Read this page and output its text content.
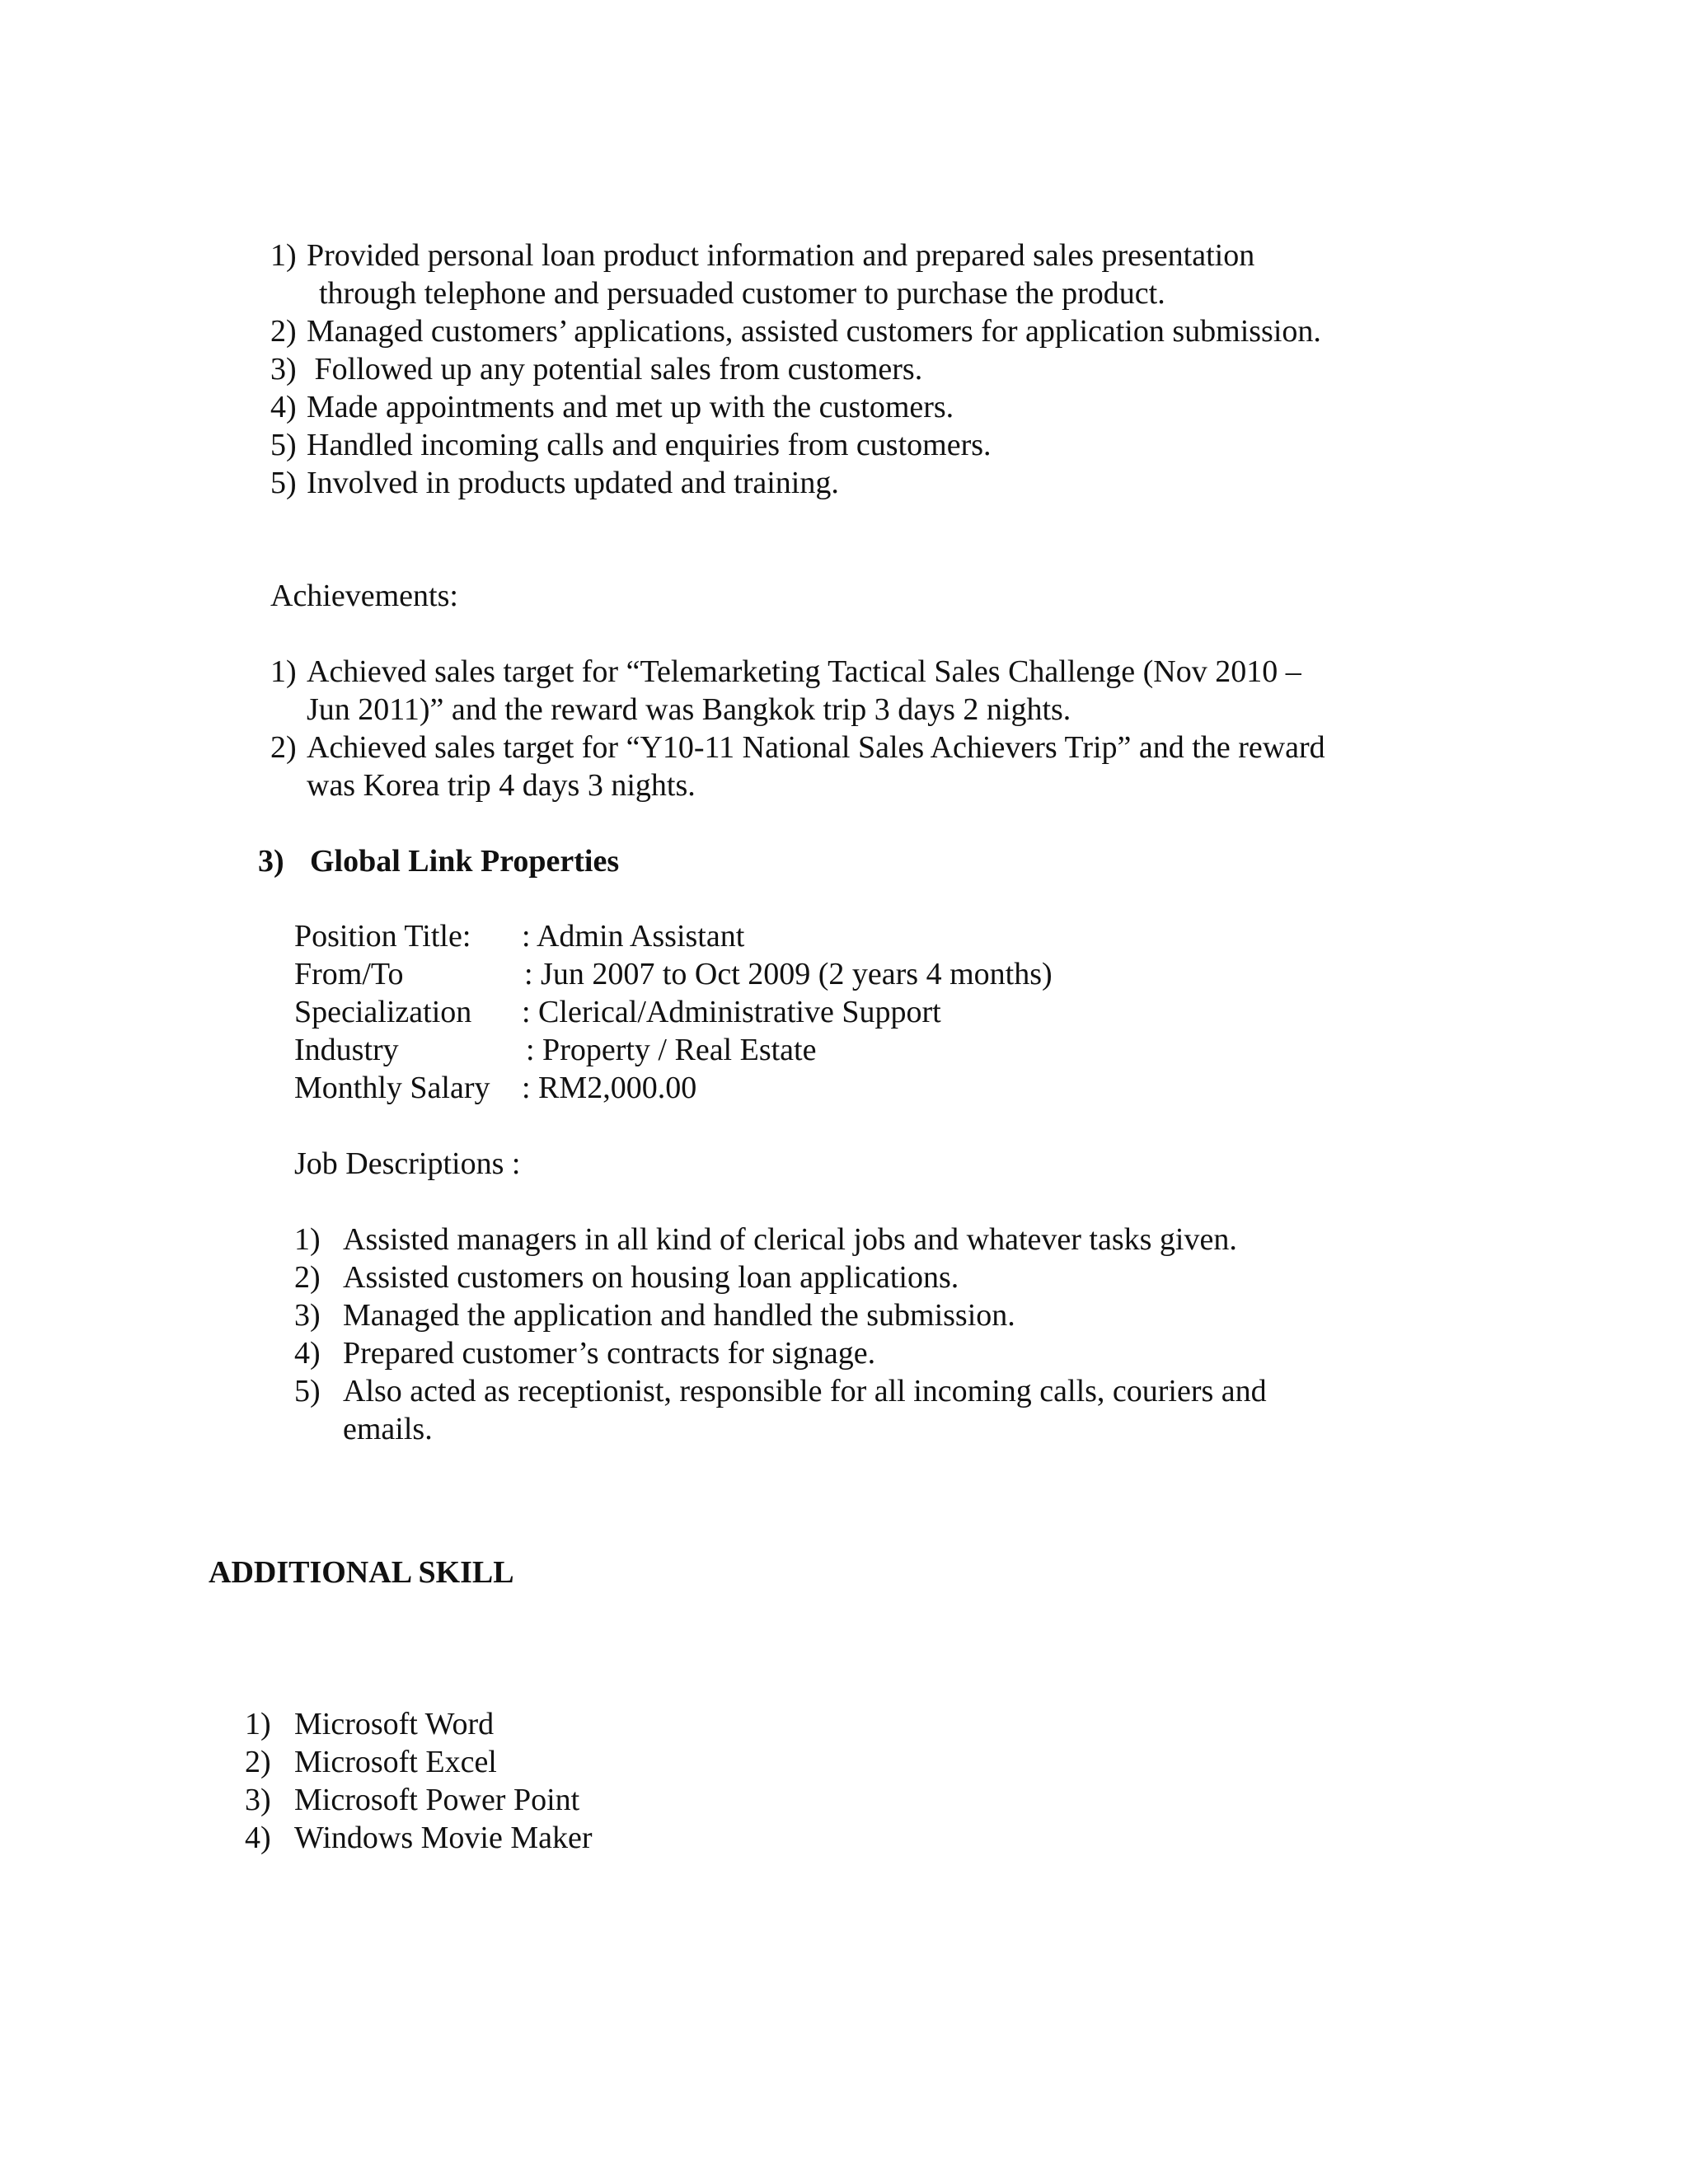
1) Provided personal loan product information and prepared sales presentation
through telephone and persuaded customer to purchase the product.
2) Managed customers’ applications, assisted customers for application submission.
3) Followed up any potential sales from customers.
4) Made appointments and met up with the customers.
5) Handled incoming calls and enquiries from customers.
5) Involved in products updated and training.
Achievements:
1) Achieved sales target for “Telemarketing Tactical Sales Challenge (Nov 2010 –
Jun 2011)” and the reward was Bangkok trip 3 days 2 nights.
2) Achieved sales target for “Y10-11 National Sales Achievers Trip” and the reward
was Korea trip 4 days 3 nights.
3) Global Link Properties
Position Title: : Admin Assistant
From/To	: Jun 2007 to Oct 2009 (2 years 4 months)
Specialization : Clerical/Administrative Support
Industry	: Property / Real Estate
Monthly Salary : RM2,000.00
Job Descriptions :
1) Assisted managers in all kind of clerical jobs and whatever tasks given.
2) Assisted customers on housing loan applications.
3) Managed the application and handled the submission.
4) Prepared customer’s contracts for signage.
5) Also acted as receptionist, responsible for all incoming calls, couriers and
emails.
ADDITIONAL SKILL
1) Microsoft Word
2) Microsoft Excel
3) Microsoft Power Point
4) Windows Movie Maker
